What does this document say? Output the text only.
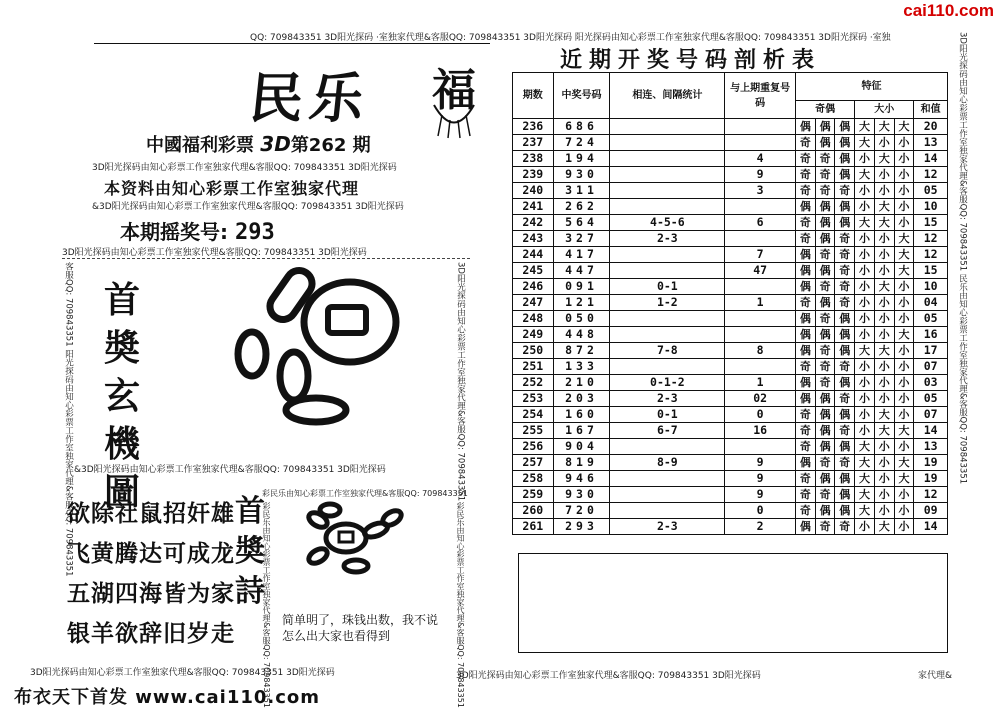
cai110.com
QQ: 709843351 3D阳光探码 ·室独家代理&客服QQ: 709843351 3D阳光探码 阳光探码由知心彩票工作室独家代理&客服QQ: 709843351 3D阳光探码 ·室独
民乐 福
中國福利彩票 3D第262 期
3D阳光探码由知心彩票工作室独家代理&客服QQ: 709843351 3D阳光探码
本资料由知心彩票工作室独家代理
&3D阳光探码由知心彩票工作室独家代理&客服QQ: 709843351 3D阳光探码
本期摇奖号: 293
3D阳光探码由知心彩票工作室独家代理&客服QQ: 709843351 3D阳光探码
客服QQ: 709843351 阳光探码由知心彩票工作室独家代理&客服QQ: 709843351	3D阳光探码由知心彩票工作室独家代理&客服QQ: 709843351
首
奬
玄
機
圖
&3D阳光探码由知心彩票工作室独家代理&客服QQ: 709843351 3D阳光探码
欲除社鼠招奸雄
飞黄腾达可成龙
五湖四海皆为家
银羊欲辞旧岁走
首
奬
詩
彩民乐由知心彩票工作室独家代理&客服QQ: 709843351
彩民乐由知心彩票工作室独家代理&客服QQ: 709843351	彩民乐由知心彩票工作室独家代理&客服QQ: 709843351
简单明了，珠钱出数，我不说
怎么出大家也看得到
3D阳光探码由知心彩票工作室独家代理&客服QQ: 709843351 3D阳光探码	3D阳光探码由知心彩票工作室独家代理&客服QQ: 709843351 3D阳光探码	家代理&
布衣天下首发 www.cai110.com
3D阳光探码由知心彩票工作室独家代理&客服QQ: 709843351 民乐由知心彩票工作室独家代理&客服QQ: 709843351
近期开奖号码剖析表
期数	中奖号码	相连、间隔统计	与上期重复号码	特征						
				奇偶			大小			和值
236	686			偶	偶	偶	大	大	大	20
237	724			奇	偶	偶	大	小	小	13
238	194		4	奇	奇	偶	小	大	小	14
239	930		9	奇	奇	偶	大	小	小	12
240	311		3	奇	奇	奇	小	小	小	05
241	262			偶	偶	偶	小	大	小	10
242	564	4-5-6	6	奇	偶	偶	大	大	小	15
243	327	2-3		奇	偶	奇	小	小	大	12
244	417		7	偶	奇	奇	小	小	大	12
245	447		47	偶	偶	奇	小	小	大	15
246	091	0-1		偶	奇	奇	小	大	小	10
247	121	1-2	1	奇	偶	奇	小	小	小	04
248	050			偶	奇	偶	小	小	小	05
249	448			偶	偶	偶	小	小	大	16
250	872	7-8	8	偶	奇	偶	大	大	小	17
251	133			奇	奇	奇	小	小	小	07
252	210	0-1-2	1	偶	奇	偶	小	小	小	03
253	203	2-3	02	偶	偶	奇	小	小	小	05
254	160	0-1	0	奇	偶	偶	小	大	小	07
255	167	6-7	16	奇	偶	奇	小	大	大	14
256	904			奇	偶	偶	大	小	小	13
257	819	8-9	9	偶	奇	奇	大	小	大	19
258	946		9	奇	偶	偶	大	小	大	19
259	930		9	奇	奇	偶	大	小	小	12
260	720		0	奇	偶	偶	大	小	小	09
261	293	2-3	2	偶	奇	奇	小	大	小	14
